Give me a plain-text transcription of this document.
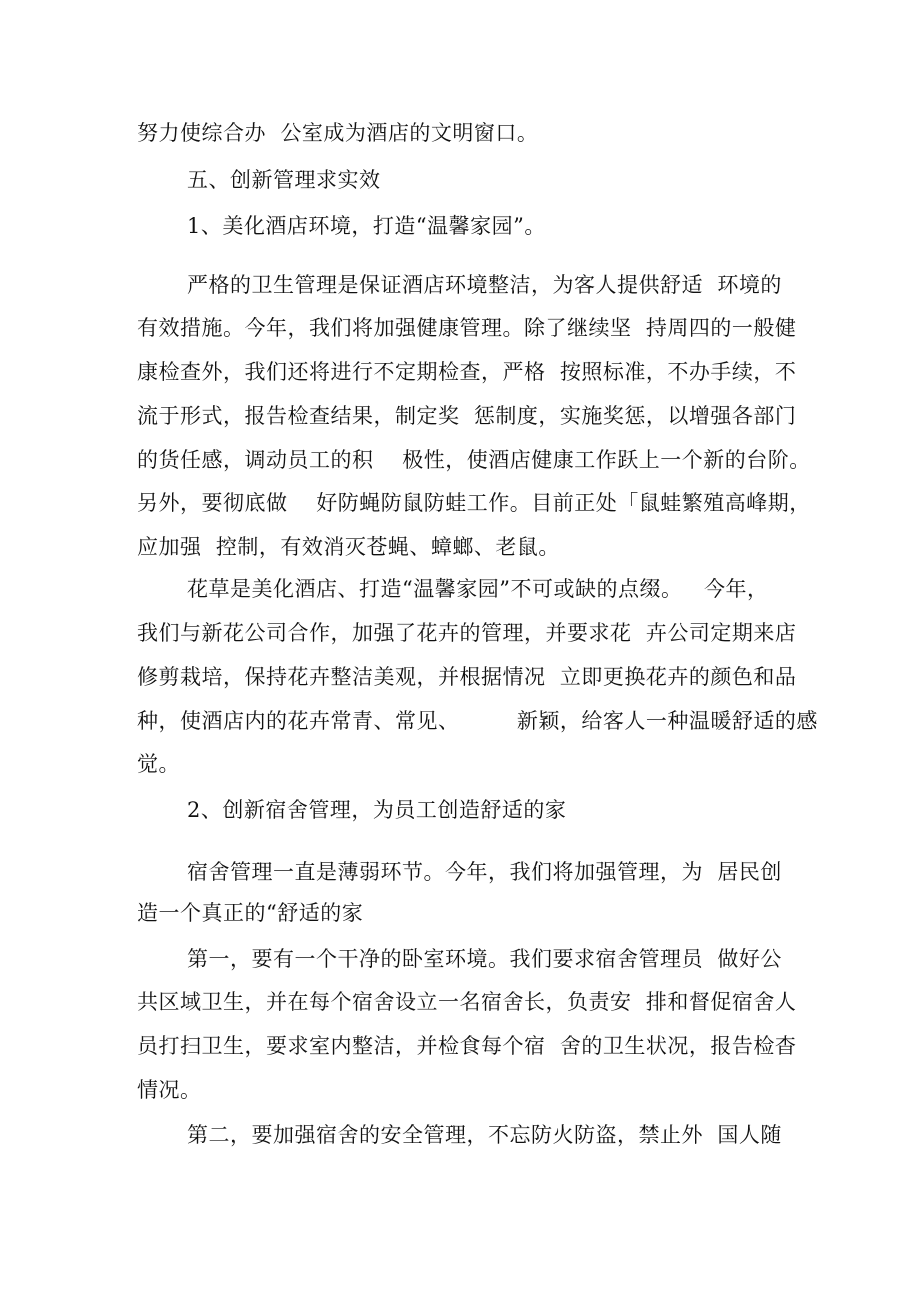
努力使综合办  公室成为酒店的文明窗口。
五、创新管理求实效
1、美化酒店环境，打造“温馨家园”。
严格的卫生管理是保证酒店环境整洁，为客人提供舒适  环境的
有效措施。今年，我们将加强健康管理。除了继续坚  持周四的一般健
康检查外，我们还将进行不定期检查，严格  按照标准，不办手续，不
流于形式，报告检查结果，制定奖  惩制度，实施奖惩，以增强各部门
的货任感，调动员工的积    极性，使酒店健康工作跃上一个新的台阶。
另外，要彻底做    好防蝇防鼠防蛙工作。目前正处「鼠蛙繁殖高峰期，
应加强  控制，有效消灭苍蝇、蟑螂、老鼠。
花草是美化酒店、打造“温馨家园”不可或缺的点缀。   今年，
我们与新花公司合作，加强了花卉的管理，并要求花  卉公司定期来店
修剪栽培，保持花卉整洁美观，并根据情况  立即更换花卉的颜色和品
种，使酒店内的花卉常青、常见、        新颖，给客人一种温暖舒适的感
觉。
2、创新宿舍管理，为员工创造舒适的家
宿舍管理一直是薄弱环节。今年，我们将加强管理，为  居民创
造一个真正的“舒适的家
第一，要有一个干净的卧室环境。我们要求宿舍管理员  做好公
共区域卫生，并在每个宿舍设立一名宿舍长，负责安  排和督促宿舍人
员打扫卫生，要求室内整洁，并检食每个宿  舍的卫生状况，报告检杳
情况。
第二，要加强宿舍的安全管理，不忘防火防盗，禁止外  国人随
